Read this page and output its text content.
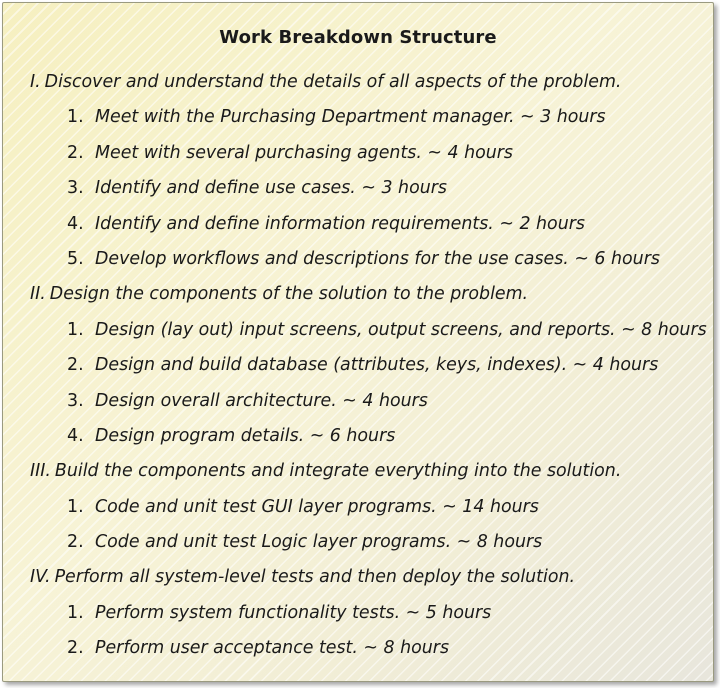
Work Breakdown Structure
I. Discover and understand the details of all aspects of the problem.
1. Meet with the Purchasing Department manager. ~ 3 hours
2. Meet with several purchasing agents. ~ 4 hours
3. Identify and define use cases. ~ 3 hours
4. Identify and define information requirements. ~ 2 hours
5. Develop workflows and descriptions for the use cases. ~ 6 hours
II. Design the components of the solution to the problem.
1. Design (lay out) input screens, output screens, and reports. ~ 8 hours
2. Design and build database (attributes, keys, indexes). ~ 4 hours
3. Design overall architecture. ~ 4 hours
4. Design program details. ~ 6 hours
III. Build the components and integrate everything into the solution.
1. Code and unit test GUI layer programs. ~ 14 hours
2. Code and unit test Logic layer programs. ~ 8 hours
IV. Perform all system-level tests and then deploy the solution.
1. Perform system functionality tests. ~ 5 hours
2. Perform user acceptance test. ~ 8 hours
